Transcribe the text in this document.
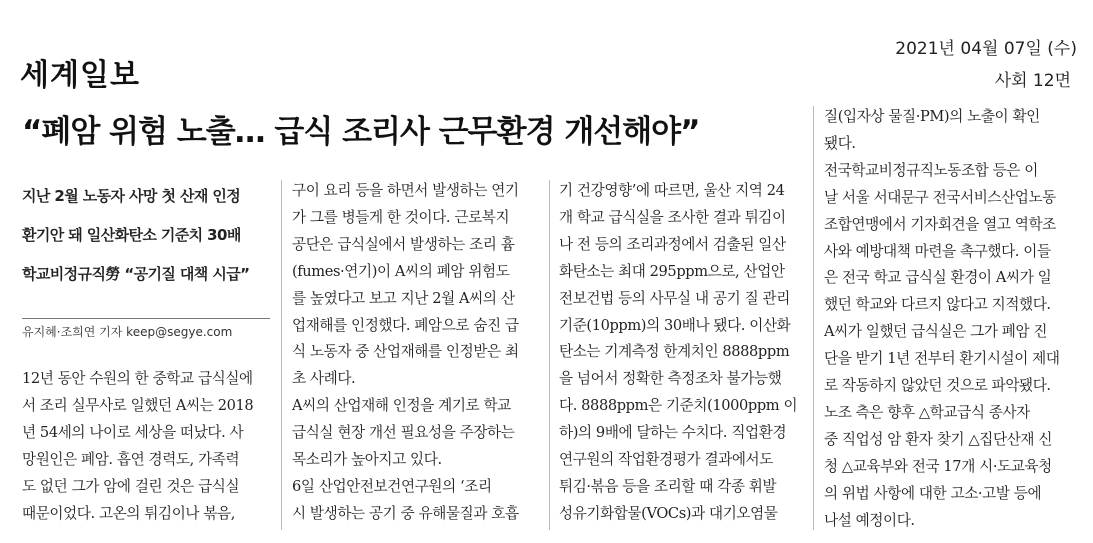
세계일보
2021년 04월 07일 (수)
사회 12면
“폐암 위험 노출… 급식 조리사 근무환경 개선해야”

지난 2월 노동자 사망 첫 산재 인정

환기안 돼 일산화탄소 기준치 30배

학교비정규직勞 “공기질 대책 시급”

유지혜·조희연 기자 keep@segye.com

12년 동안 수원의 한 중학교 급식실에

서 조리 실무사로 일했던 A씨는 2018

년 54세의 나이로 세상을 떠났다. 사

망원인은 폐암. 흡연 경력도, 가족력

도 없던 그가 암에 걸린 것은 급식실

때문이었다. 고온의 튀김이나 볶음,

구이 요리 등을 하면서 발생하는 연기

가 그를 병들게 한 것이다. 근로복지

공단은 급식실에서 발생하는 조리 흄

(fumes·연기)이 A씨의 폐암 위험도

를 높였다고 보고 지난 2월 A씨의 산

업재해를 인정했다. 폐암으로 숨진 급

식 노동자 중 산업재해를 인정받은 최

초 사례다.

A씨의 산업재해 인정을 계기로 학교

급식실 현장 개선 필요성을 주장하는

목소리가 높아지고 있다.

6일 산업안전보건연구원의 ‘조리

시 발생하는 공기 중 유해물질과 호흡

기 건강영향’에 따르면, 울산 지역 24

개 학교 급식실을 조사한 결과 튀김이

나 전 등의 조리과정에서 검출된 일산

화탄소는 최대 295ppm으로, 산업안

전보건법 등의 사무실 내 공기 질 관리

기준(10ppm)의 30배나 됐다. 이산화

탄소는 기계측정 한계치인 8888ppm

을 넘어서 정확한 측정조차 불가능했

다. 8888ppm은 기준치(1000ppm 이

하)의 9배에 달하는 수치다. 직업환경

연구원의 작업환경평가 결과에서도

튀김·볶음 등을 조리할 때 각종 휘발

성유기화합물(VOCs)과 대기오염물

질(입자상 물질·PM)의 노출이 확인

됐다.

전국학교비정규직노동조합 등은 이

날 서울 서대문구 전국서비스산업노동

조합연맹에서 기자회견을 열고 역학조

사와 예방대책 마련을 촉구했다. 이들

은 전국 학교 급식실 환경이 A씨가 일

했던 학교와 다르지 않다고 지적했다.

A씨가 일했던 급식실은 그가 폐암 진

단을 받기 1년 전부터 환기시설이 제대

로 작동하지 않았던 것으로 파악됐다.

노조 측은 향후 △학교급식 종사자

중 직업성 암 환자 찾기 △집단산재 신

청 △교육부와 전국 17개 시·도교육청

의 위법 사항에 대한 고소·고발 등에

나설 예정이다.
